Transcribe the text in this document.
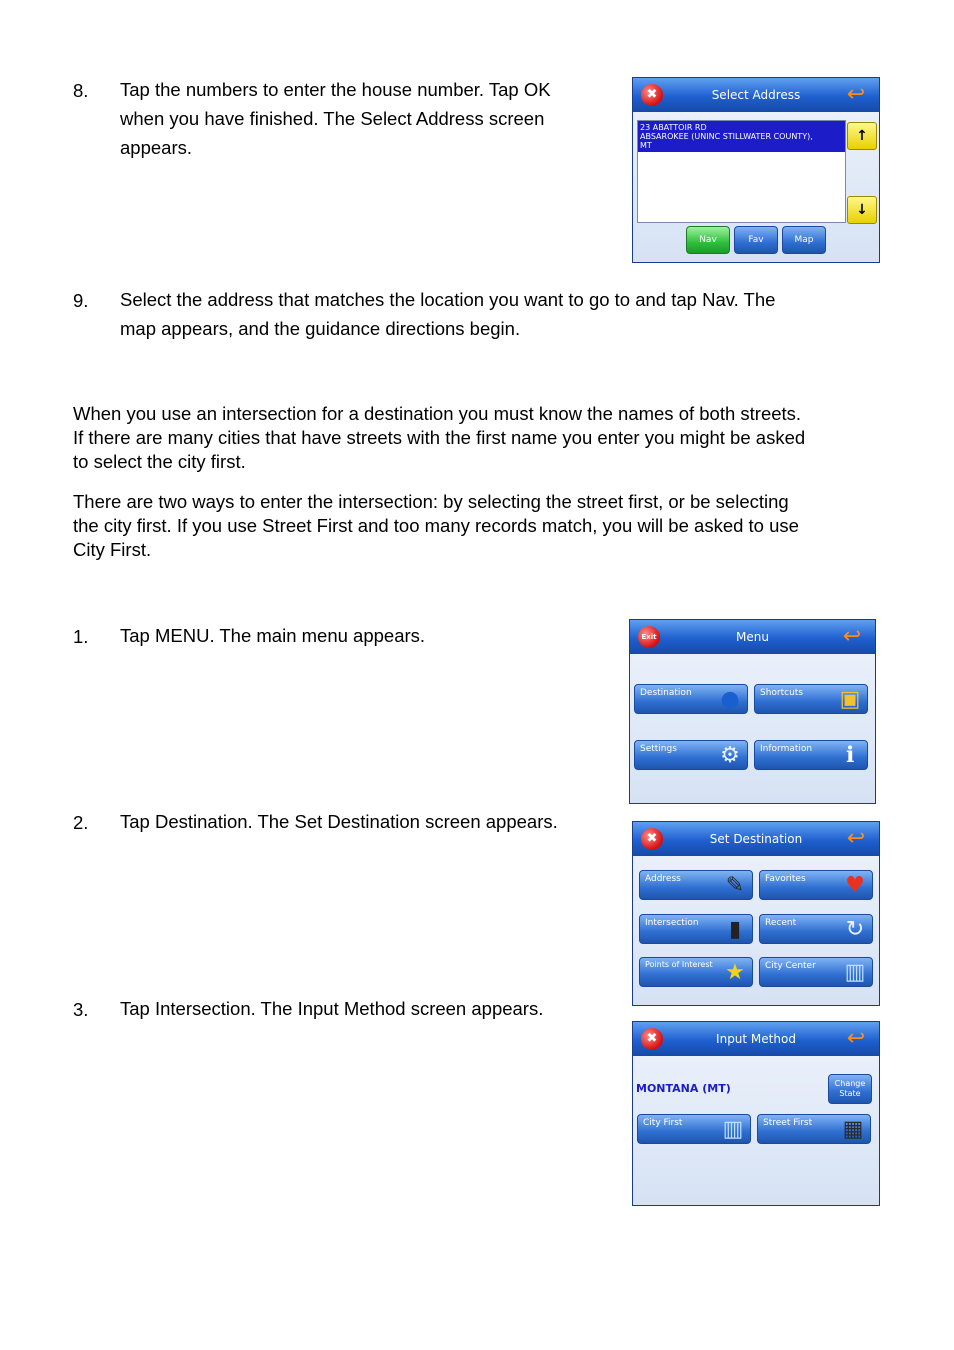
8. Tap the numbers to enter the house number. Tap OK
when you have finished. The Select Address screen
appears.
Select Address
✖	↩
23 ABATTOIR RD
ABSAROKEE (UNINC STILLWATER COUNTY),
MT
↑
↓
Nav	Fav	Map
9. Select the address that matches the location you want to go to and tap Nav. The
map appears, and the guidance directions begin.
When you use an intersection for a destination you must know the names of both streets.
If there are many cities that have streets with the first name you enter you might be asked
to select the city first.
There are two ways to enter the intersection: by selecting the street first, or be selecting
the city first. If you use Street First and too many records match, you will be asked to use
City First.
1. Tap MENU. The main menu appears.
2. Tap Destination. The Set Destination screen appears.
3. Tap Intersection. The Input Method screen appears.
Menu
Exit	↩
Destination ●	Shortcuts ▣
Settings ⚙	Information	ℹ
Set Destination
✖	↩
Address ✎	Favorites ♥
Intersection	▮	Recent ↻
Points of Interest ★	City Center ▥
Input Method
✖	↩
MONTANA (MT)	Change State
City First ▥	Street First ▦
